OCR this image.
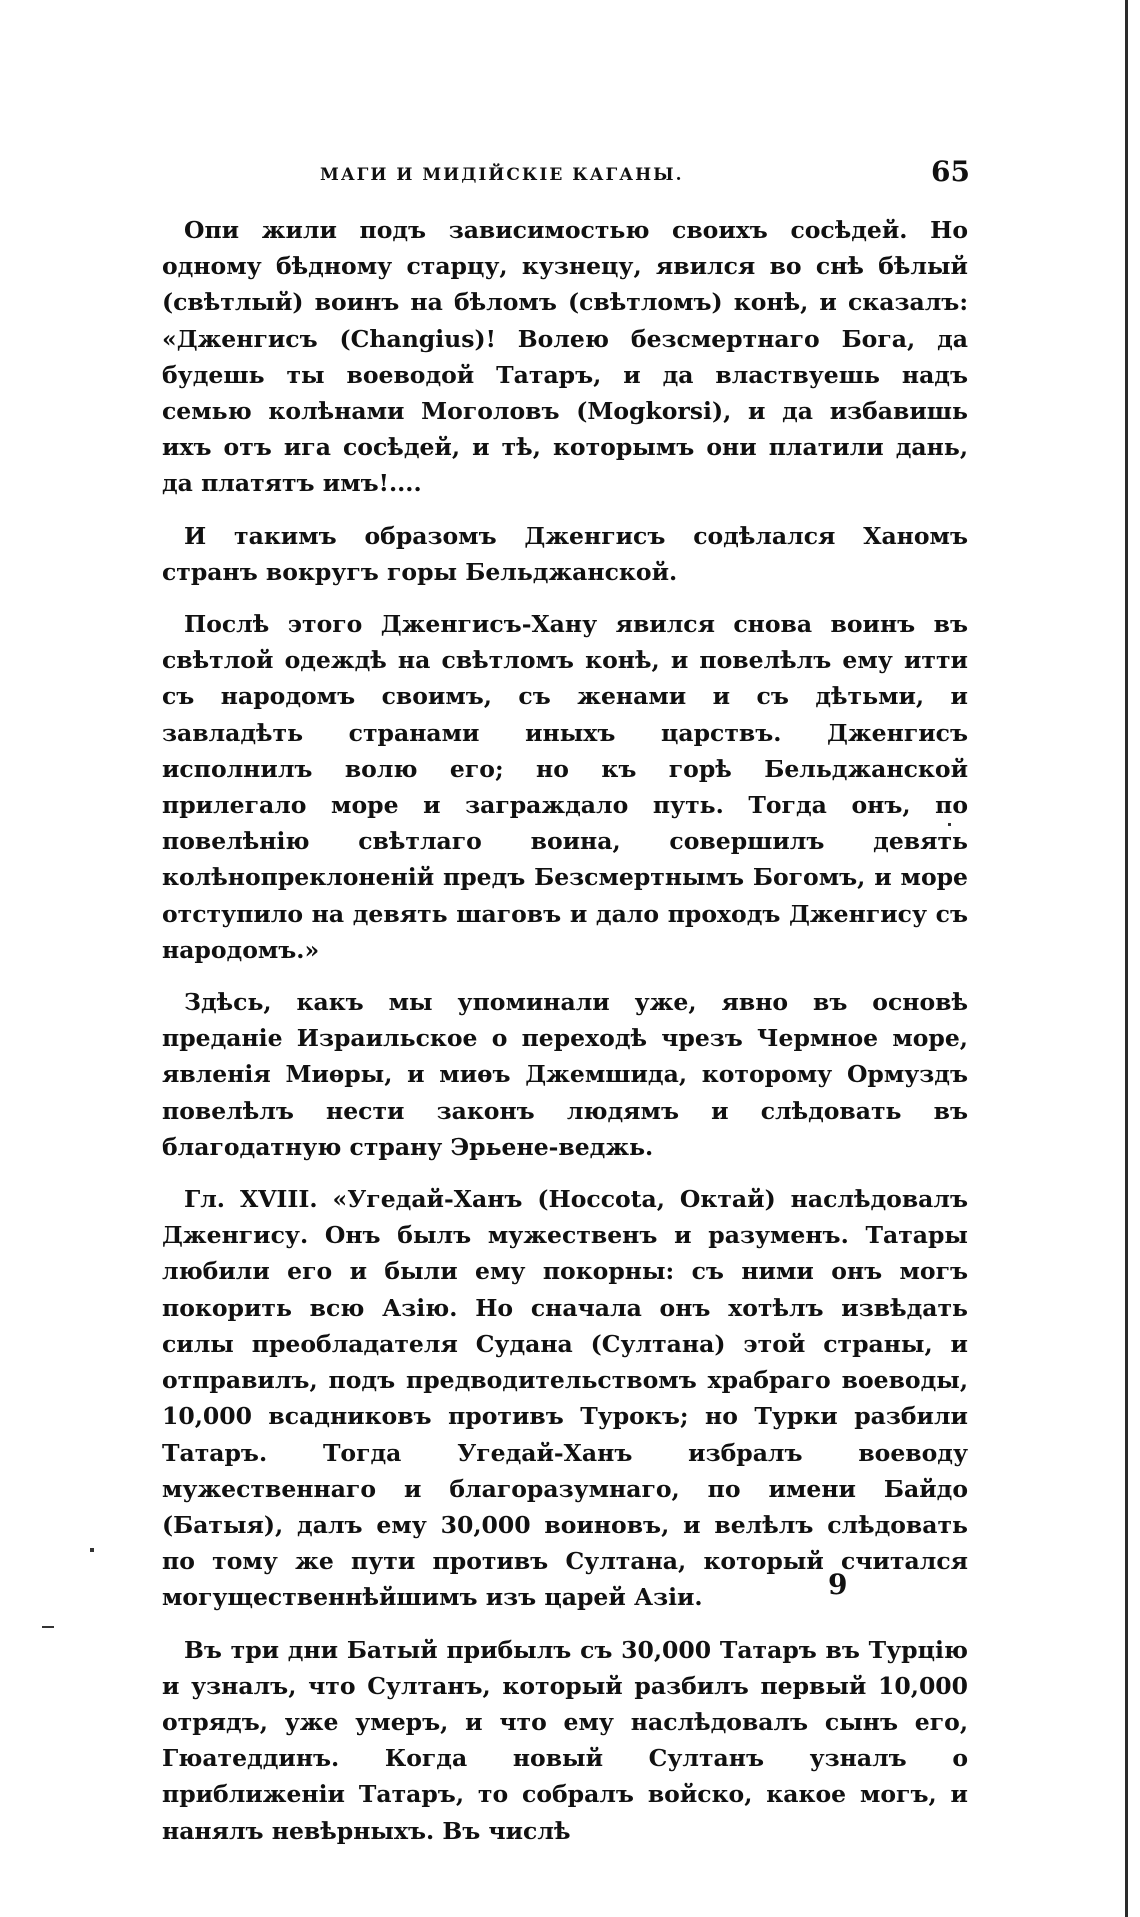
МАГИ И МИДІЙСКІЕ КАГАНЫ.	65

Опи жили подъ зависимостью своихъ сосѣдей. Но одному бѣдному старцу, кузнецу, явился во снѣ бѣлый (свѣтлый) воинъ на бѣломъ (свѣтломъ) конѣ, и сказалъ: «Дженгисъ (Changius)! Волею безсмертнаго Бога, да будешь ты воеводой Татаръ, и да властвуешь надъ семью колѣнами Моголовъ (Mogkorsi), и да избавишь ихъ отъ ига сосѣдей, и тѣ, которымъ они платили дань, да платятъ имъ!....

И такимъ образомъ Дженгисъ содѣлался Ханомъ странъ вокругъ горы Бельджанской.

Послѣ этого Дженгисъ-Хану явился снова воинъ въ свѣтлой одеждѣ на свѣтломъ конѣ, и повелѣлъ ему итти съ народомъ своимъ, съ женами и съ дѣтьми, и завладѣть странами иныхъ царствъ. Дженгисъ исполнилъ волю его; но къ горѣ Бельджанской прилегало море и заграждало путь. Тогда онъ, по повелѣнію свѣтлаго воина, совершилъ девять колѣнопреклоненій предъ Безсмертнымъ Богомъ, и море отступило на девять шаговъ и дало проходъ Дженгису съ народомъ.»

Здѣсь, какъ мы упоминали уже, явно въ основѣ преданіе Израильское о переходѣ чрезъ Чермное море, явленія Миѳры, и миѳъ Джемшида, которому Ормуздъ повелѣлъ нести законъ людямъ и слѣдовать въ благодатную страну Эрьене-веджь.

Гл. XVIII. «Угедай-Ханъ (Hoccota, Октай) наслѣдовалъ Дженгису. Онъ былъ мужественъ и разуменъ. Татары любили его и были ему покорны: съ ними онъ могъ покорить всю Азію. Но сначала онъ хотѣлъ извѣдать силы преобладателя Судана (Султана) этой страны, и отправилъ, подъ предводительствомъ храбраго воеводы, 10,000 всадниковъ противъ Турокъ; но Турки разбили Татаръ. Тогда Угедай-Ханъ избралъ воеводу мужественнаго и благоразумнаго, по имени Байдо (Батыя), далъ ему 30,000 воиновъ, и велѣлъ слѣдовать по тому же пути противъ Султана, который считался могущественнѣйшимъ изъ царей Азіи.

Въ три дни Батый прибылъ съ 30,000 Татаръ въ Турцію и узналъ, что Султанъ, который разбилъ первый 10,000 отрядъ, уже умеръ, и что ему наслѣдовалъ сынъ его, Гюатеддинъ. Когда новый Султанъ узналъ о приближеніи Татаръ, то собралъ войско, какое могъ, и нанялъ невѣрныхъ. Въ числѣ

9
